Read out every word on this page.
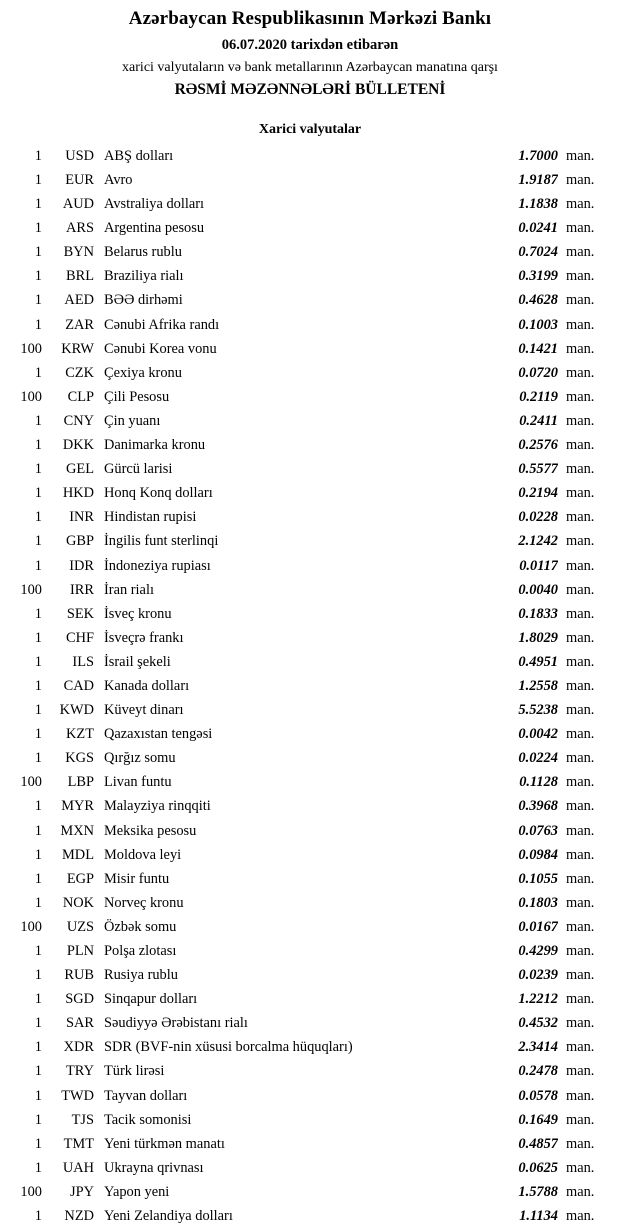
Azərbaycan Respublikasının Mərkəzi Bankı
06.07.2020 tarixdən etibarən
xarici valyutaların və bank metallarının Azərbaycan manatına qarşı
RƏSMİ MƏZƏNNƏLƏRİ BÜLLETENİ
Xarici valyutalar
1	USD	ABŞ dolları	1.7000	man.
1	EUR	Avro	1.9187	man.
1	AUD	Avstraliya dolları	1.1838	man.
1	ARS	Argentina pesosu	0.0241	man.
1	BYN	Belarus rublu	0.7024	man.
1	BRL	Braziliya rialı	0.3199	man.
1	AED	BƏƏ dirhəmi	0.4628	man.
1	ZAR	Cənubi Afrika randı	0.1003	man.
100	KRW	Cənubi Korea vonu	0.1421	man.
1	CZK	Çexiya kronu	0.0720	man.
100	CLP	Çili Pesosu	0.2119	man.
1	CNY	Çin yuanı	0.2411	man.
1	DKK	Danimarka kronu	0.2576	man.
1	GEL	Gürcü larisi	0.5577	man.
1	HKD	Honq Konq dolları	0.2194	man.
1	INR	Hindistan rupisi	0.0228	man.
1	GBP	İngilis funt sterlinqi	2.1242	man.
1	IDR	İndoneziya rupiası	0.0117	man.
100	IRR	İran rialı	0.0040	man.
1	SEK	İsveç kronu	0.1833	man.
1	CHF	İsveçrə frankı	1.8029	man.
1	ILS	İsrail şekeli	0.4951	man.
1	CAD	Kanada dolları	1.2558	man.
1	KWD	Küveyt dinarı	5.5238	man.
1	KZT	Qazaxıstan tengəsi	0.0042	man.
1	KGS	Qırğız somu	0.0224	man.
100	LBP	Livan funtu	0.1128	man.
1	MYR	Malayziya rinqqiti	0.3968	man.
1	MXN	Meksika pesosu	0.0763	man.
1	MDL	Moldova leyi	0.0984	man.
1	EGP	Misir funtu	0.1055	man.
1	NOK	Norveç kronu	0.1803	man.
100	UZS	Özbək somu	0.0167	man.
1	PLN	Polşa zlotası	0.4299	man.
1	RUB	Rusiya rublu	0.0239	man.
1	SGD	Sinqapur dolları	1.2212	man.
1	SAR	Səudiyyə Ərəbistanı rialı	0.4532	man.
1	XDR	SDR (BVF-nin xüsusi borcalma hüquqları)	2.3414	man.
1	TRY	Türk lirəsi	0.2478	man.
1	TWD	Tayvan dolları	0.0578	man.
1	TJS	Tacik somonisi	0.1649	man.
1	TMT	Yeni türkmən manatı	0.4857	man.
1	UAH	Ukrayna qrivnası	0.0625	man.
100	JPY	Yapon yeni	1.5788	man.
1	NZD	Yeni Zelandiya dolları	1.1134	man.
